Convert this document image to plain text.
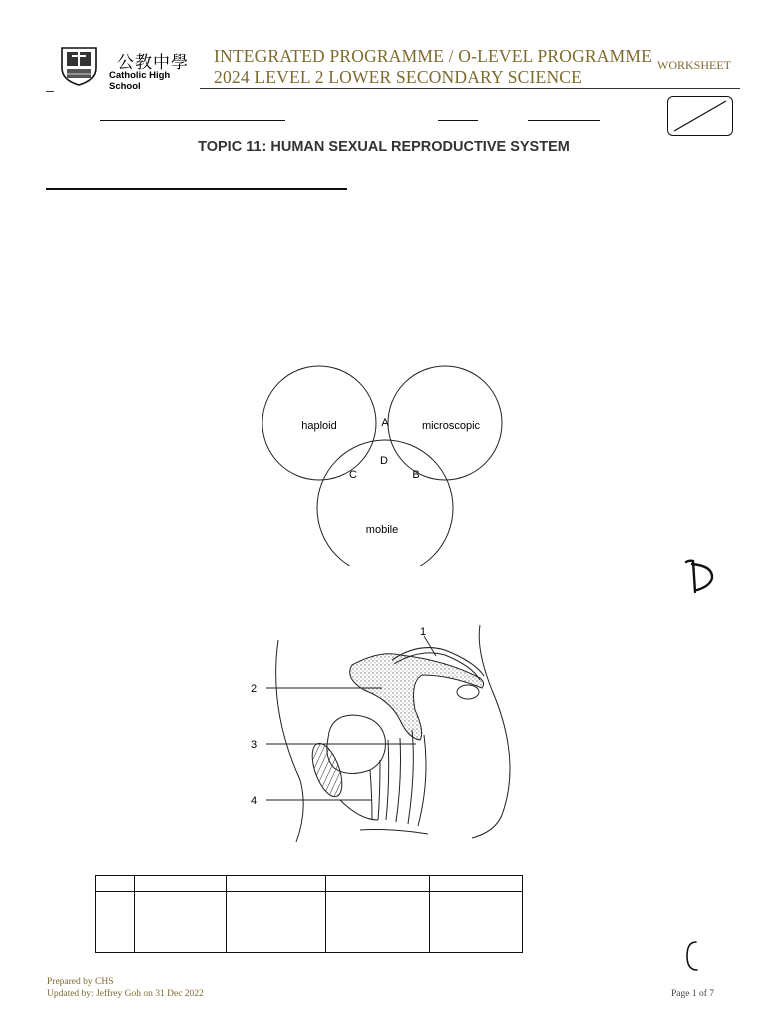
公教中學
Catholic High School
INTEGRATED PROGRAMME / O-LEVEL PROGRAMME
2024 LEVEL 2 LOWER SECONDARY SCIENCE
WORKSHEET
TOPIC 11: HUMAN SEXUAL REPRODUCTIVE SYSTEM
haploid	microscopic
mobile
A
B
C
D
1
2
3
4

Prepared by CHS
Updated by: Jeffrey Goh on 31 Dec 2022	Page 1 of 7
